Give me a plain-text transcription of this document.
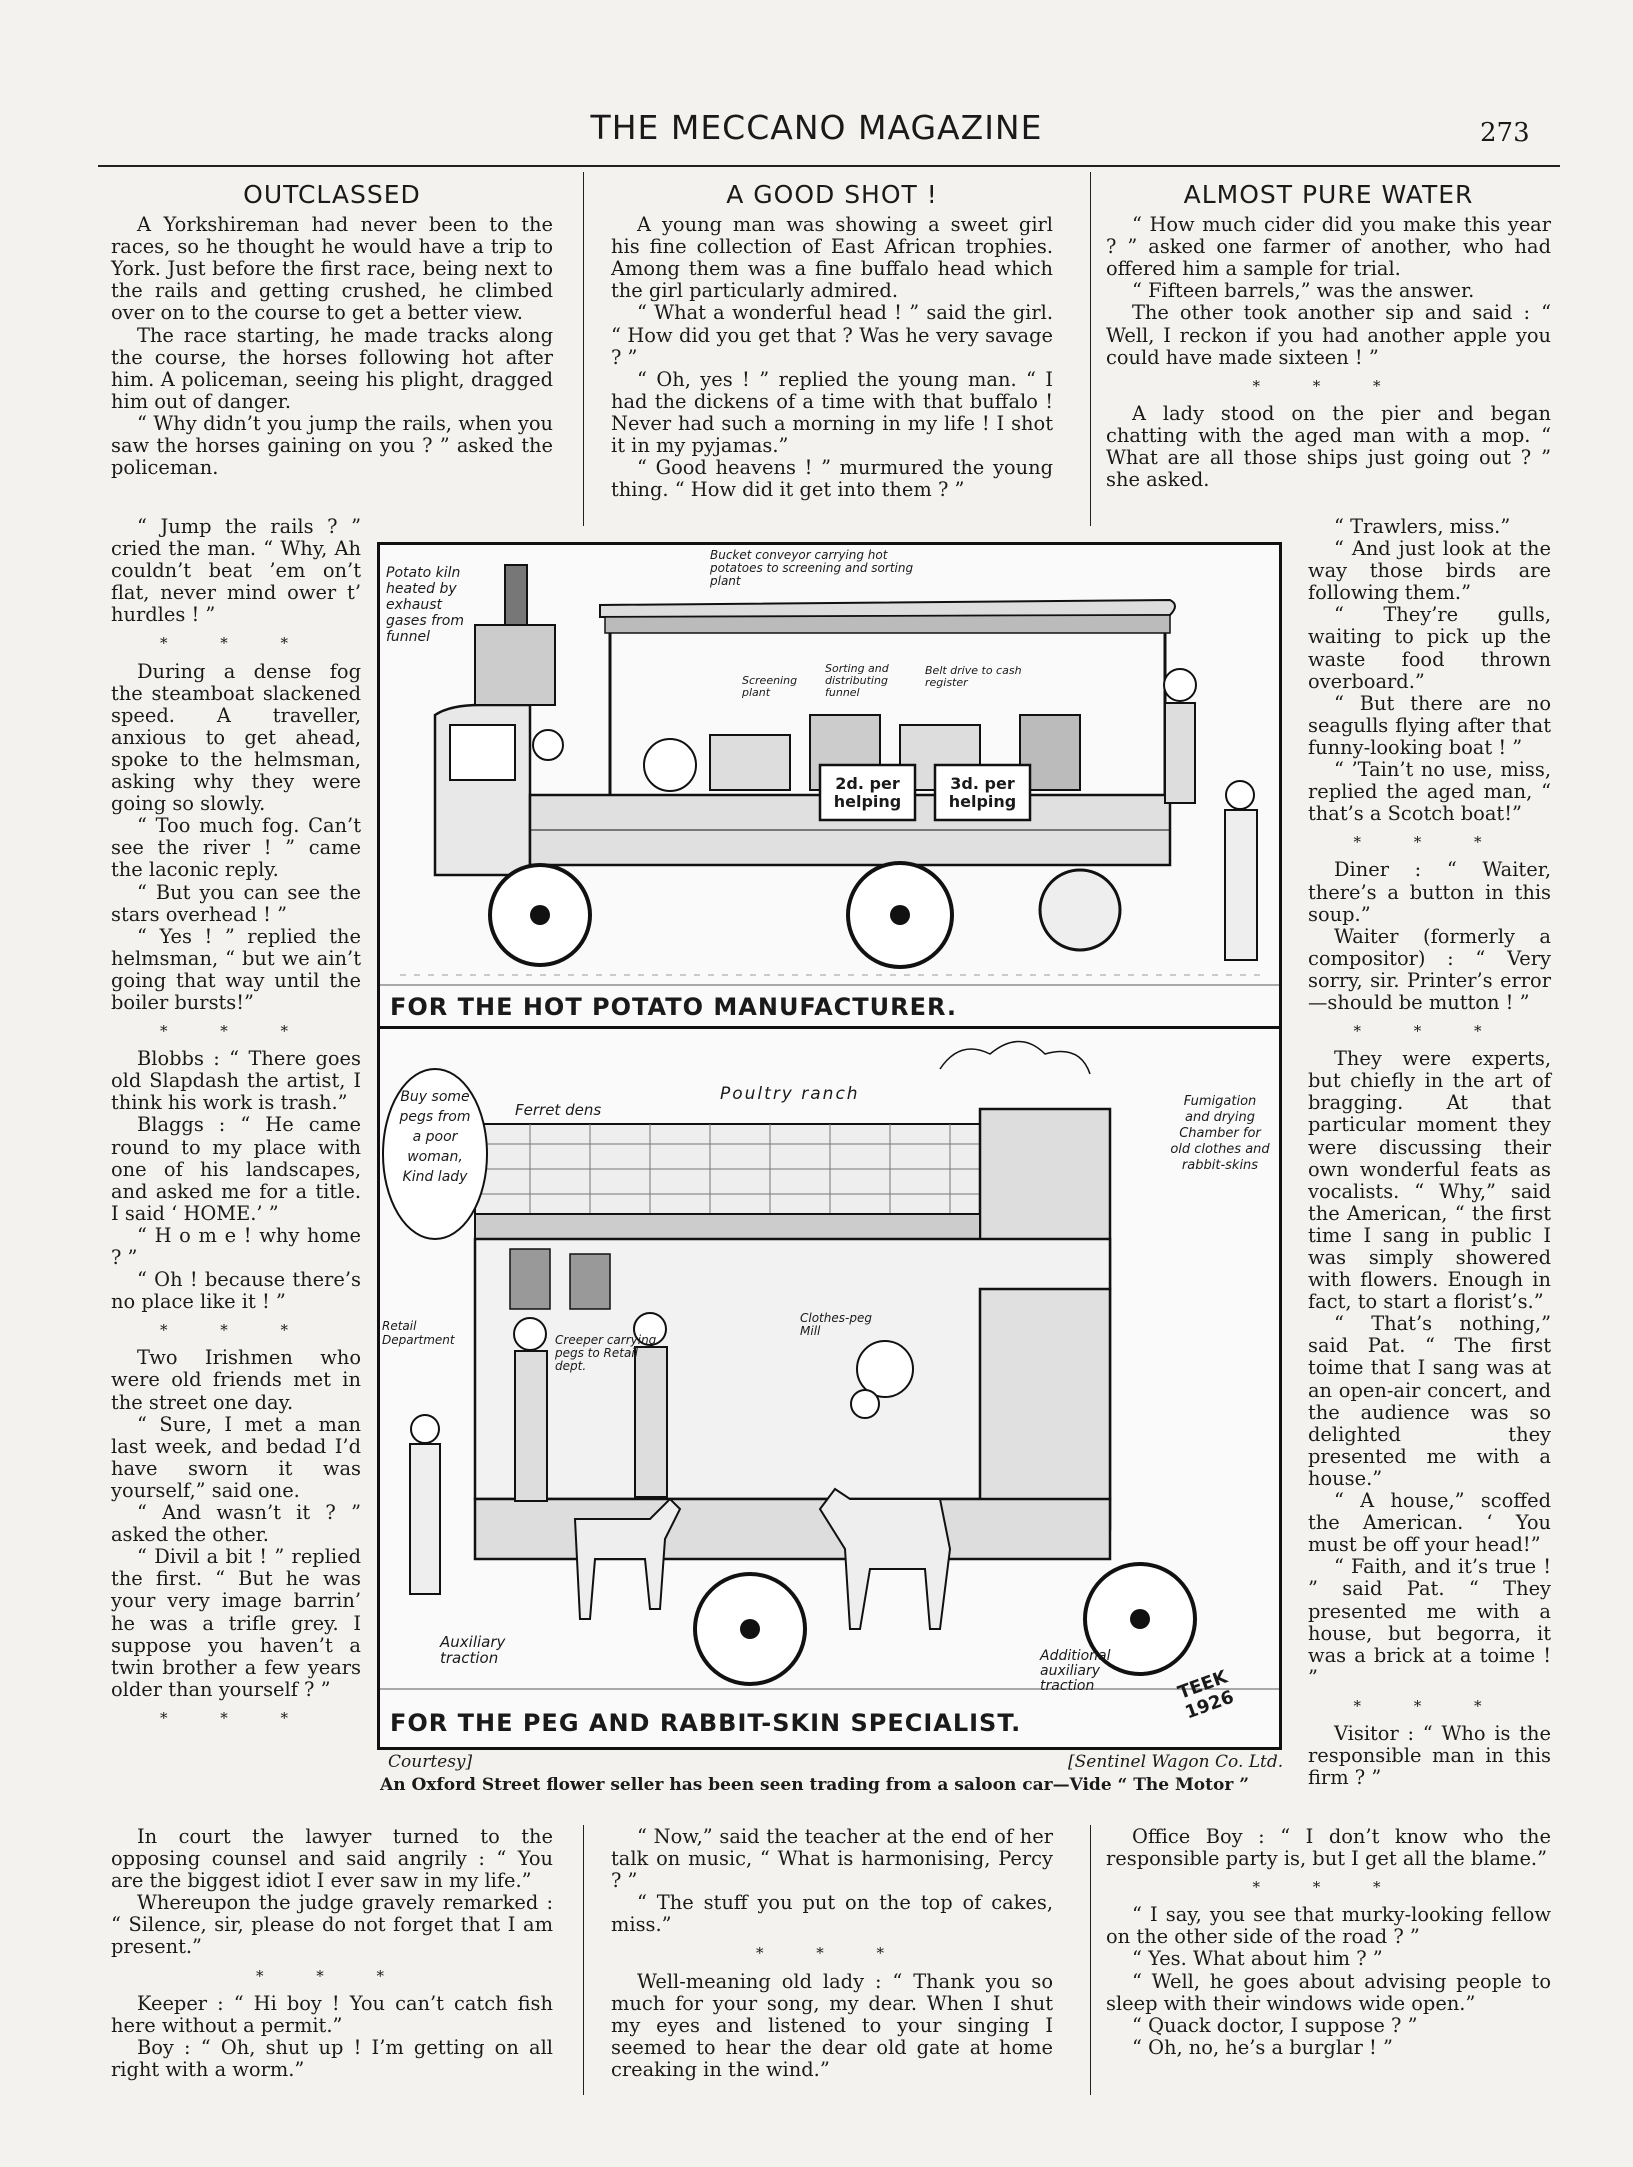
THE MECCANO MAGAZINE	273
OUTCLASSED

A Yorkshireman had never been to the races, so he thought he would have a trip to York. Just before the first race, being next to the rails and getting crushed, he climbed over on to the course to get a better view.

The race starting, he made tracks along the course, the horses following hot after him. A policeman, seeing his plight, dragged him out of danger.

“ Why didn’t you jump the rails, when you saw the horses gaining on you ? ” asked the policeman.

“ Jump the rails ? ” cried the man. “ Why, Ah couldn’t beat ’em on’t flat, never mind ower t’ hurdles ! ”

* * *

During a dense fog the steamboat slackened speed. A traveller, anxious to get ahead, spoke to the helmsman, asking why they were going so slowly.

“ Too much fog. Can’t see the river ! ” came the laconic reply.

“ But you can see the stars overhead ! ”

“ Yes ! ” replied the helmsman, “ but we ain’t going that way until the boiler bursts!”

* * *

Blobbs : “ There goes old Slapdash the artist, I think his work is trash.”

Blaggs : “ He came round to my place with one of his landscapes, and asked me for a title. I said ‘ HOME.’ ”

“ H o m e ! why home ? ”

“ Oh ! because there’s no place like it ! ”

* * *

Two Irishmen who were old friends met in the street one day.

“ Sure, I met a man last week, and bedad I’d have sworn it was yourself,” said one.

“ And wasn’t it ? ” asked the other.

“ Divil a bit ! ” replied the first. “ But he was your very image barrin’ he was a trifle grey. I suppose you haven’t a twin brother a few years older than yourself ? ”

* * *
A GOOD SHOT !

A young man was showing a sweet girl his fine collection of East African trophies. Among them was a fine buffalo head which the girl particularly admired.

“ What a wonderful head ! ” said the girl. “ How did you get that ? Was he very savage ? ”

“ Oh, yes ! ” replied the young man. “ I had the dickens of a time with that buffalo ! Never had such a morning in my life ! I shot it in my pyjamas.”

“ Good heavens ! ” murmured the young thing. “ How did it get into them ? ”

ALMOST PURE WATER

“ How much cider did you make this year ? ” asked one farmer of another, who had offered him a sample for trial.

“ Fifteen barrels,” was the answer.

The other took another sip and said : “ Well, I reckon if you had another apple you could have made sixteen ! ”

* * *

A lady stood on the pier and began chatting with the aged man with a mop. “ What are all those ships just going out ? ” she asked.

“ Trawlers, miss.”

“ And just look at the way those birds are following them.”

“ They’re gulls, waiting to pick up the waste food thrown overboard.”

“ But there are no seagulls flying after that funny-looking boat ! ”

“ ’Tain’t no use, miss, replied the aged man, “ that’s a Scotch boat!”

* * *

Diner : “ Waiter, there’s a button in this soup.”

Waiter (formerly a compositor) : “ Very sorry, sir. Printer’s error—should be mutton ! ”

* * *

They were experts, but chiefly in the art of bragging. At that particular moment they were discussing their own wonderful feats as vocalists. “ Why,” said the American, “ the first time I sang in public I was simply showered with flowers. Enough in fact, to start a florist’s.”

“ That’s nothing,” said Pat. “ The first toime that I sang was at an open-air concert, and the audience was so delighted they presented me with a house.”

“ A house,” scoffed the American. ‘ You must be off your head!”

“ Faith, and it’s true ! ” said Pat. “ They presented me with a house, but begorra, it was a brick at a toime ! ”

* * *

Visitor : “ Who is the responsible man in this firm ? ”

Potato kiln heated by exhaust gases from funnel
Bucket conveyor carrying hot potatoes to screening and sorting plant
Screening plant
Sorting and distributing funnel
Belt drive to cash register
2d. per helping
3d. per helping
FOR THE HOT POTATO MANUFACTURER.
Buy some pegs from a poor woman, Kind lady
Ferret dens
Poultry ranch	Fumigation and drying Chamber for old clothes and rabbit-skins
Retail Department	Creeper carrying pegs to Retail dept.
Clothes-peg Mill
Auxiliary traction	Additional auxiliary traction	TEEK 1926
FOR THE PEG AND RABBIT-SKIN SPECIALIST.
Courtesy]	[Sentinel Wagon Co. Ltd.
An Oxford Street flower seller has been seen trading from a saloon car—Vide “ The Motor ”

In court the lawyer turned to the opposing counsel and said angrily : “ You are the biggest idiot I ever saw in my life.”

Whereupon the judge gravely remarked : “ Silence, sir, please do not forget that I am present.”

* * *

Keeper : “ Hi boy ! You can’t catch fish here without a permit.”

Boy : “ Oh, shut up ! I’m getting on all right with a worm.”

“ Now,” said the teacher at the end of her talk on music, “ What is harmonising, Percy ? ”

“ The stuff you put on the top of cakes, miss.”

* * *

Well-meaning old lady : “ Thank you so much for your song, my dear. When I shut my eyes and listened to your singing I seemed to hear the dear old gate at home creaking in the wind.”

Office Boy : “ I don’t know who the responsible party is, but I get all the blame.”

* * *

“ I say, you see that murky-looking fellow on the other side of the road ? ”

“ Yes. What about him ? ”

“ Well, he goes about advising people to sleep with their windows wide open.”

“ Quack doctor, I suppose ? ”

“ Oh, no, he’s a burglar ! ”
